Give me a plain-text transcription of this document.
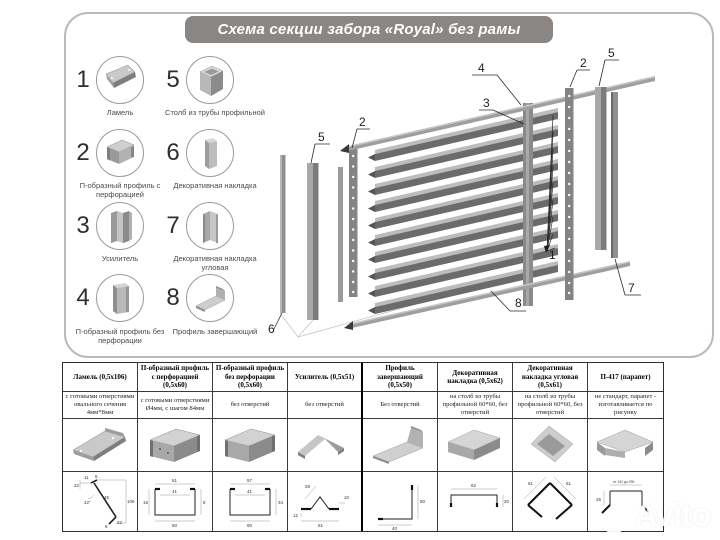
Схема секции забора «Royal» без рамы
1
Ламель
2
П-образный профиль с перфорацией
3
Усилитель
4
П-образный профиль без перфорации
5
Столб из трубы профильной
6
Декоративная накладка
7
Декоративная накладка угловая
8
Профиль завершающий 6
5
2
4
3
2
5
1
8
7
Ламель (0,5х106)
с готовыми отверстиями овального сечения 4мм*8мм
11 6
22
42°
45
106
22
6
П-образный профиль с перфорацией (0,5х60)
с готовыми отверстиями Ø4мм, с шагом 84мм
61
41
16	8
60
П-образный профиль без перфорации (0,5х60)
без отверстий
57
41
34
60
Усилитель (0,5х51)
без отверстий
29
10
12
51
Профиль завершающий (0,5х50)
Без отверстий
50
40
Декоративная накладка (0,5х62)
на столб из трубы профильной 60*60, без отверстий
62
20
Декоративная накладка угловая (0,5х61)
на столб из трубы профильной 60*60, без отверстий
61	61
П-417 (парапет)
не стандарт, парапет - изготавливается по рисунку
от 102 до 290
25 Avito
